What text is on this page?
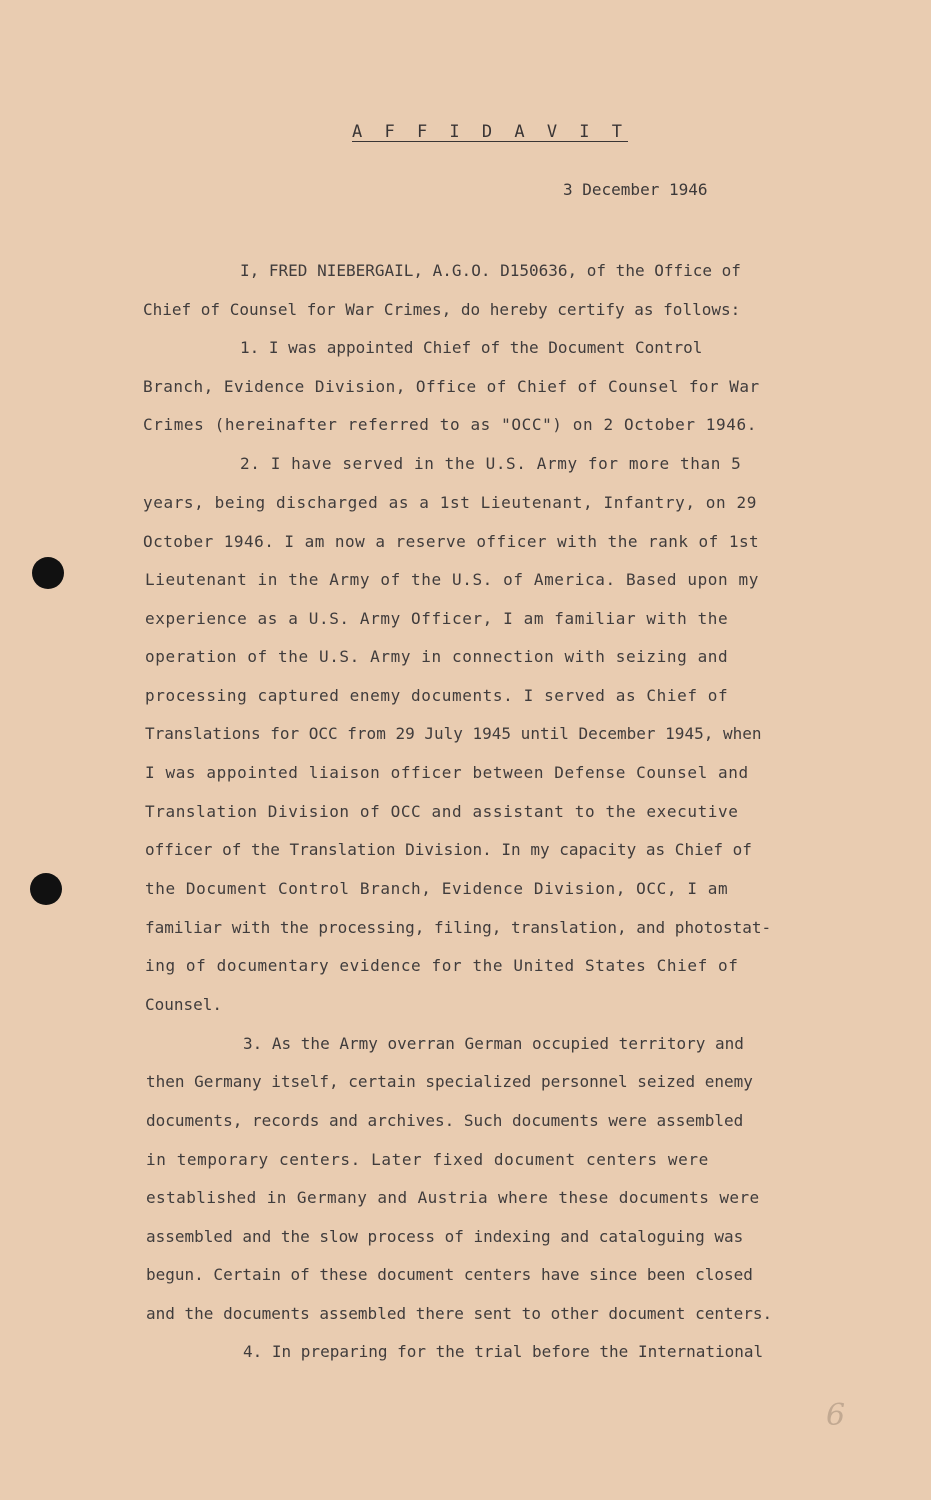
A F F I D A V I T
3 December 1946
I, FRED NIEBERGAIL, A.G.O. D150636, of the Office of
Chief of Counsel for War Crimes, do hereby certify as follows:
1. I was appointed Chief of the Document Control
Branch, Evidence Division, Office of Chief of Counsel for War
Crimes (hereinafter referred to as "OCC") on 2 October 1946.
2. I have served in the U.S. Army for more than 5
years, being discharged as a 1st Lieutenant, Infantry, on 29
October 1946. I am now a reserve officer with the rank of 1st
Lieutenant in the Army of the U.S. of America. Based upon my
experience as a U.S. Army Officer, I am familiar with the
operation of the U.S. Army in connection with seizing and
processing captured enemy documents. I served as Chief of
Translations for OCC from 29 July 1945 until December 1945, when
I was appointed liaison officer between Defense Counsel and
Translation Division of OCC and assistant to the executive
officer of the Translation Division. In my capacity as Chief of
the Document Control Branch, Evidence Division, OCC, I am
familiar with the processing, filing, translation, and photostat-
ing of documentary evidence for the United States Chief of
Counsel.
3. As the Army overran German occupied territory and
then Germany itself, certain specialized personnel seized enemy
documents, records and archives. Such documents were assembled
in temporary centers. Later fixed document centers were
established in Germany and Austria where these documents were
assembled and the slow process of indexing and cataloguing was
begun. Certain of these document centers have since been closed
and the documents assembled there sent to other document centers.
4. In preparing for the trial before the International
6
